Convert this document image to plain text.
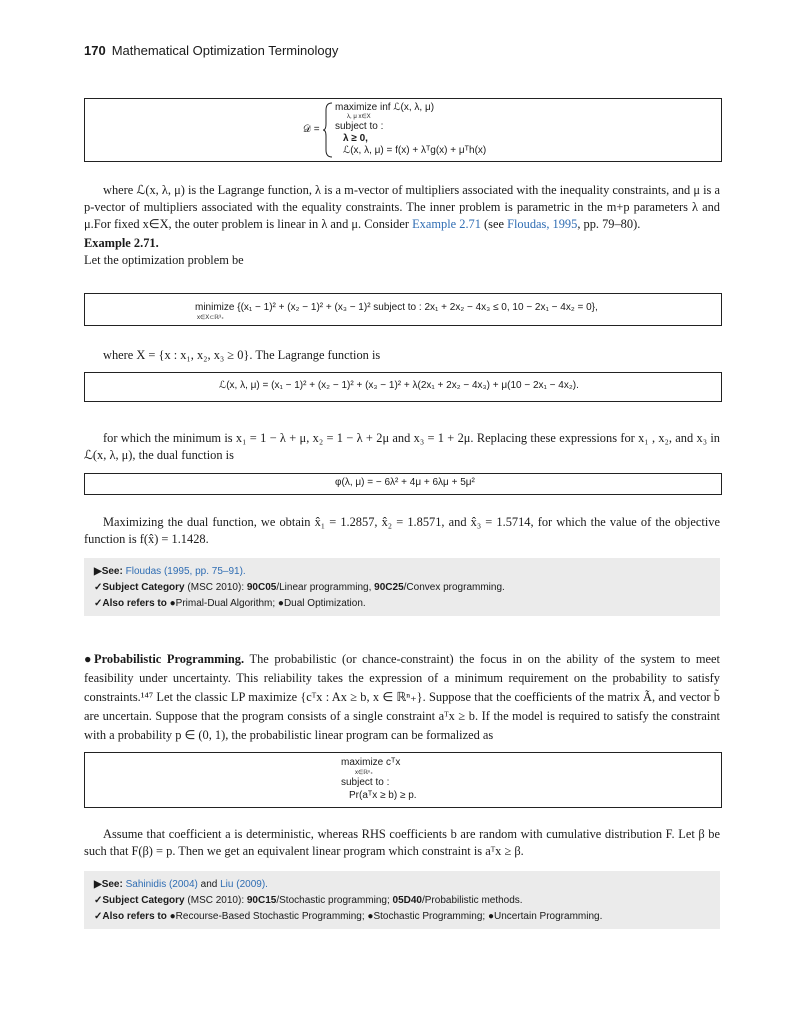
170 Mathematical Optimization Terminology
𝒟 =
maximize inf ℒ(x, λ, μ)
λ, μ x∈X
subject to :
λ ≥ 0,
ℒ(x, λ, μ) = f(x) + λᵀg(x) + μᵀh(x)
where ℒ(x, λ, μ) is the Lagrange function, λ is a m-vector of multipliers associated with the inequality constraints, and μ is a p-vector of multipliers associated with the equality constraints. The inner problem is parametric in the m+p parameters λ and μ.For fixed x∈X, the outer problem is linear in λ and μ. Consider Example 2.71 (see Floudas, 1995, pp. 79–80).
Example 2.71.
Let the optimization problem be
minimize {(x₁ − 1)² + (x₂ − 1)² + (x₃ − 1)² subject to : 2x₁ + 2x₂ − 4x₃ ≤ 0, 10 − 2x₁ − 4x₂ = 0},
x∈X⊂ℝ³₊
where X = {x : x₁, x₂, x₃ ≥ 0}. The Lagrange function is
ℒ(x, λ, μ) = (x₁ − 1)² + (x₂ − 1)² + (x₃ − 1)² + λ(2x₁ + 2x₂ − 4x₃) + μ(10 − 2x₁ − 4x₂).
for which the minimum is x₁ = 1 − λ + μ, x₂ = 1 − λ + 2μ and x₃ = 1 + 2μ. Replacing these expressions for x₁ , x₂, and x₃ in ℒ(x, λ, μ), the dual function is
φ(λ, μ) = − 6λ² + 4μ + 6λμ + 5μ²
Maximizing the dual function, we obtain x̂₁ = 1.2857, x̂₂ = 1.8571, and x̂₃ = 1.5714, for which the value of the objective function is f(x̂) = 1.1428.
▶See: Floudas (1995, pp. 75–91).
✓Subject Category (MSC 2010): 90C05/Linear programming, 90C25/Convex programming.
✓Also refers to ●Primal-Dual Algorithm; ●Dual Optimization.
●Probabilistic Programming. The probabilistic (or chance-constraint) the focus in on the ability of the system to meet feasibility under uncertainty. This reliability takes the expression of a minimum requirement on the probability to satisfy constraints.¹⁴⁷ Let the classic LP maximize {cᵀx : Ax ≥ b, x ∈ ℝⁿ₊}. Suppose that the coefficients of the matrix Ã, and vector b̃ are uncertain. Suppose that the program consists of a single constraint aᵀx ≥ b. If the model is required to satisfy the constraint with a probability p ∈ (0, 1), the probabilistic linear program can be formalized as
maximize cᵀx
x∈ℝⁿ₊
subject to :
Pr(aᵀx ≥ b) ≥ p.
Assume that coefficient a is deterministic, whereas RHS coefficients b are random with cumulative distribution F. Let β be such that F(β) = p. Then we get an equivalent linear program which constraint is aᵀx ≥ β.
▶See: Sahinidis (2004) and Liu (2009).
✓Subject Category (MSC 2010): 90C15/Stochastic programming; 05D40/Probabilistic methods.
✓Also refers to ●Recourse-Based Stochastic Programming; ●Stochastic Programming; ●Uncertain Programming.
